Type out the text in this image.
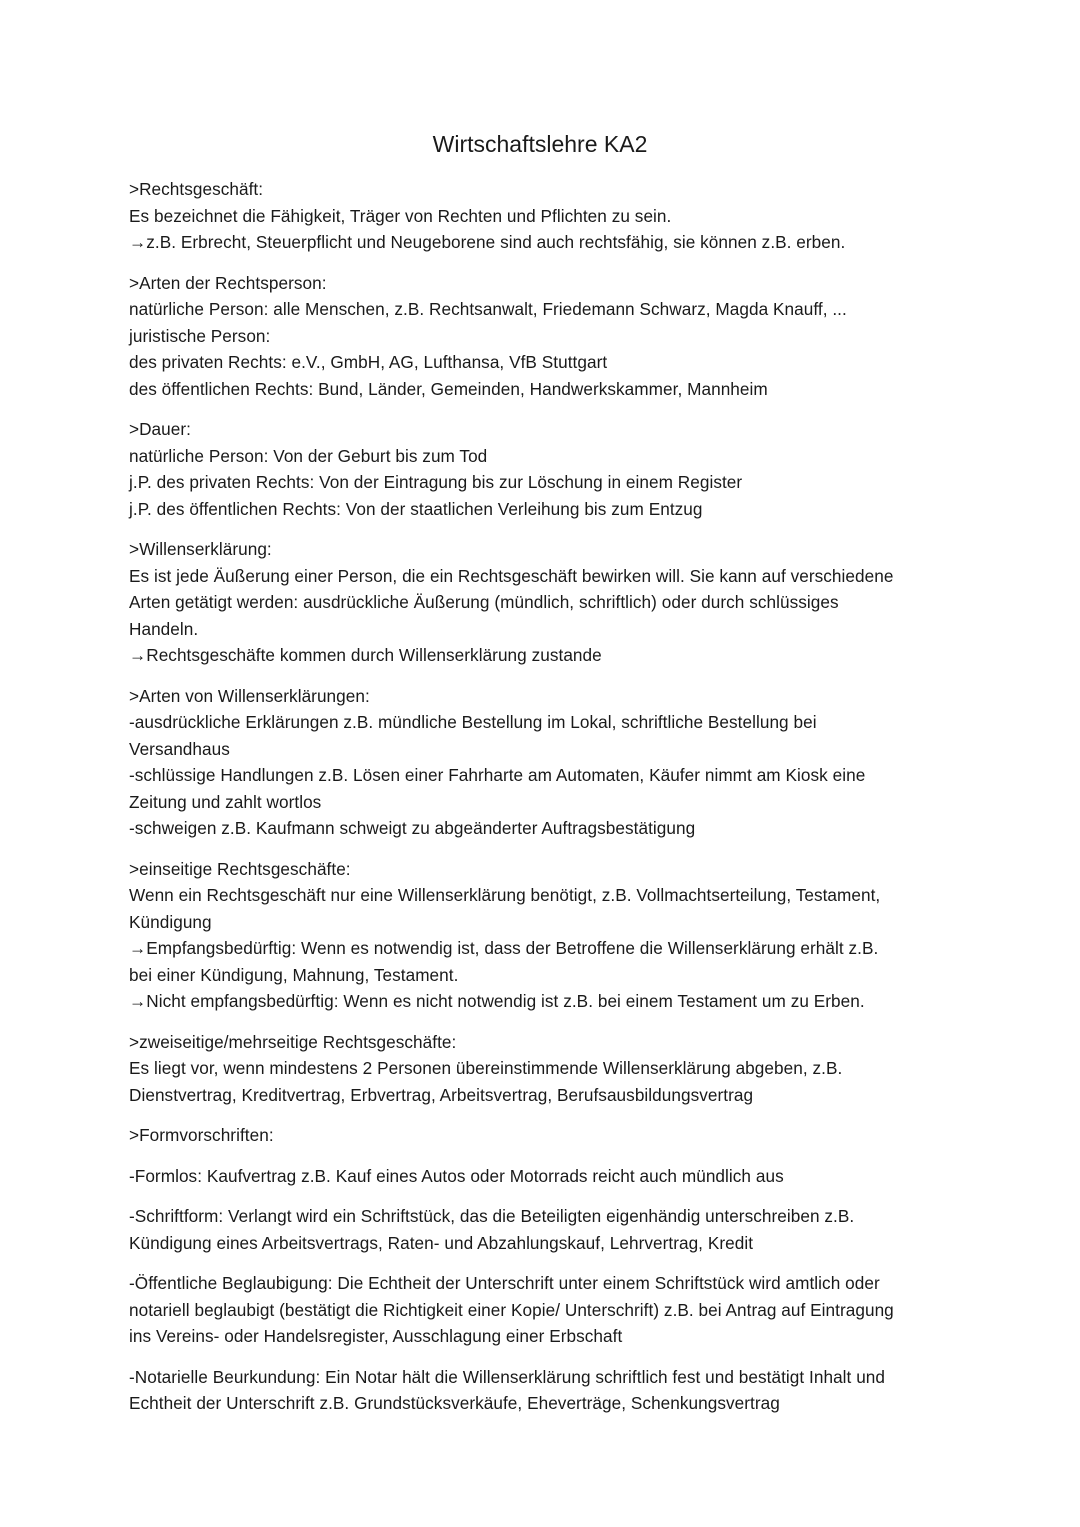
Wirtschaftslehre KA2
>Rechtsgeschäft:
Es bezeichnet die Fähigkeit, Träger von Rechten und Pflichten zu sein.
→z.B. Erbrecht, Steuerpflicht und Neugeborene sind auch rechtsfähig, sie können z.B. erben.
>Arten der Rechtsperson:
natürliche Person: alle Menschen, z.B. Rechtsanwalt, Friedemann Schwarz, Magda Knauff, ...
juristische Person:
des privaten Rechts: e.V., GmbH, AG, Lufthansa, VfB Stuttgart
des öffentlichen Rechts: Bund, Länder, Gemeinden, Handwerkskammer, Mannheim
>Dauer:
natürliche Person: Von der Geburt bis zum Tod
j.P. des privaten Rechts: Von der Eintragung bis zur Löschung in einem Register
j.P. des öffentlichen Rechts: Von der staatlichen Verleihung bis zum Entzug
>Willenserklärung:
Es ist jede Äußerung einer Person, die ein Rechtsgeschäft bewirken will. Sie kann auf verschiedene
Arten getätigt werden: ausdrückliche Äußerung (mündlich, schriftlich) oder durch schlüssiges
Handeln.
→Rechtsgeschäfte kommen durch Willenserklärung zustande
>Arten von Willenserklärungen:
-ausdrückliche Erklärungen z.B. mündliche Bestellung im Lokal, schriftliche Bestellung bei
Versandhaus
-schlüssige Handlungen z.B. Lösen einer Fahrharte am Automaten, Käufer nimmt am Kiosk eine
Zeitung und zahlt wortlos
-schweigen z.B. Kaufmann schweigt zu abgeänderter Auftragsbestätigung
>einseitige Rechtsgeschäfte:
Wenn ein Rechtsgeschäft nur eine Willenserklärung benötigt, z.B. Vollmachtserteilung, Testament,
Kündigung
→Empfangsbedürftig: Wenn es notwendig ist, dass der Betroffene die Willenserklärung erhält z.B.
bei einer Kündigung, Mahnung, Testament.
→Nicht empfangsbedürftig: Wenn es nicht notwendig ist z.B. bei einem Testament um zu Erben.
>zweiseitige/mehrseitige Rechtsgeschäfte:
Es liegt vor, wenn mindestens 2 Personen übereinstimmende Willenserklärung abgeben, z.B.
Dienstvertrag, Kreditvertrag, Erbvertrag, Arbeitsvertrag, Berufsausbildungsvertrag
>Formvorschriften:
-Formlos: Kaufvertrag z.B. Kauf eines Autos oder Motorrads reicht auch mündlich aus
-Schriftform: Verlangt wird ein Schriftstück, das die Beteiligten eigenhändig unterschreiben z.B.
Kündigung eines Arbeitsvertrags, Raten- und Abzahlungskauf, Lehrvertrag, Kredit
-Öffentliche Beglaubigung: Die Echtheit der Unterschrift unter einem Schriftstück wird amtlich oder
notariell beglaubigt (bestätigt die Richtigkeit einer Kopie/ Unterschrift) z.B. bei Antrag auf Eintragung
ins Vereins- oder Handelsregister, Ausschlagung einer Erbschaft
-Notarielle Beurkundung: Ein Notar hält die Willenserklärung schriftlich fest und bestätigt Inhalt und
Echtheit der Unterschrift z.B. Grundstücksverkäufe, Eheverträge, Schenkungsvertrag
